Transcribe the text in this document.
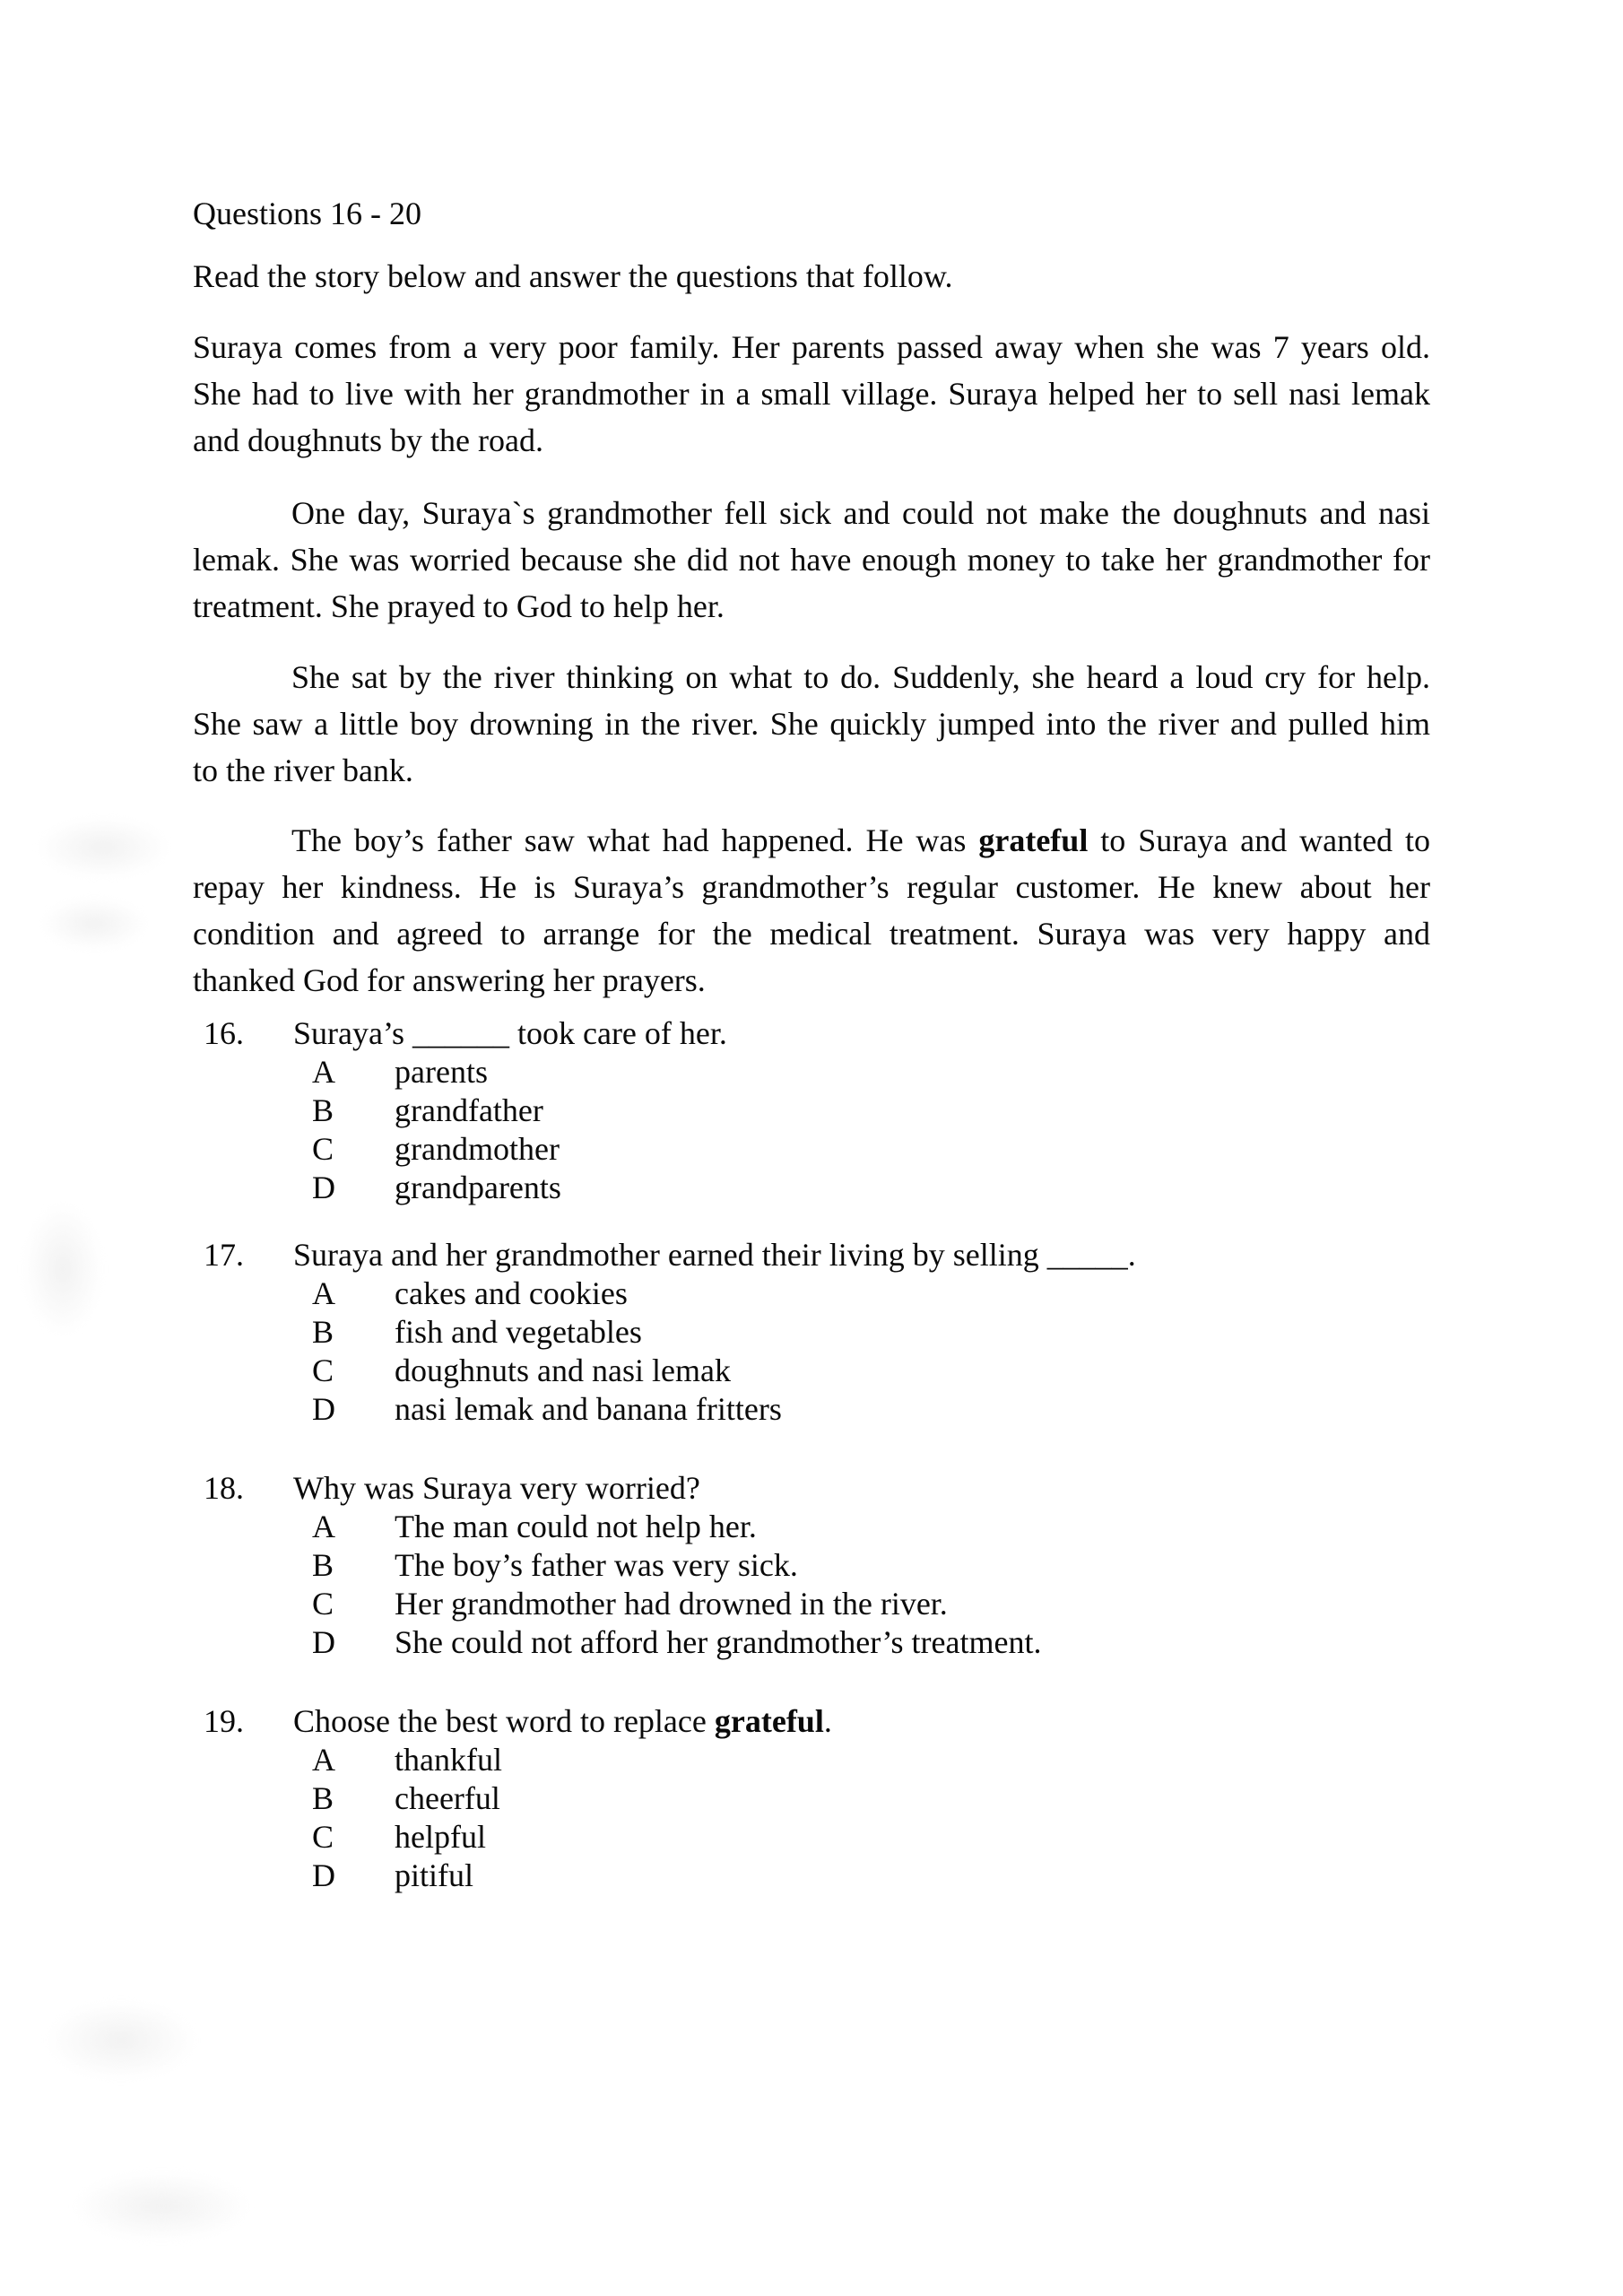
Questions 16 - 20
Read the story below and answer the questions that follow.
Suraya comes from a very poor family. Her parents passed away when she was 7 years old.
She had to live with her grandmother in a small village. Suraya helped her to sell nasi lemak
and doughnuts by the road.
One day, Suraya`s grandmother fell sick and could not make the doughnuts and nasi
lemak. She was worried because she did not have enough money to take her grandmother for
treatment. She prayed to God to help her.
She sat by the river thinking on what to do. Suddenly, she heard a loud cry for help.
She saw a little boy drowning in the river. She quickly jumped into the river and pulled him
to the river bank.
The boy’s father saw what had happened. He was grateful to Suraya and wanted to
repay her kindness. He is Suraya’s grandmother’s regular customer. He knew about her
condition and agreed to arrange for the medical treatment. Suraya was very happy and
thanked God for answering her prayers.
16.	Suraya’s ______ took care of her.
A	parents
B	grandfather
C	grandmother
D	grandparents
17.	Suraya and her grandmother earned their living by selling _____.
A	cakes and cookies
B	fish and vegetables
C	doughnuts and nasi lemak
D	nasi lemak and banana fritters
18.	Why was Suraya very worried?
A	The man could not help her.
B	The boy’s father was very sick.
C	Her grandmother had drowned in the river.
D	She could not afford her grandmother’s treatment.
19.	Choose the best word to replace grateful.
A	thankful
B	cheerful
C	helpful
D	pitiful
